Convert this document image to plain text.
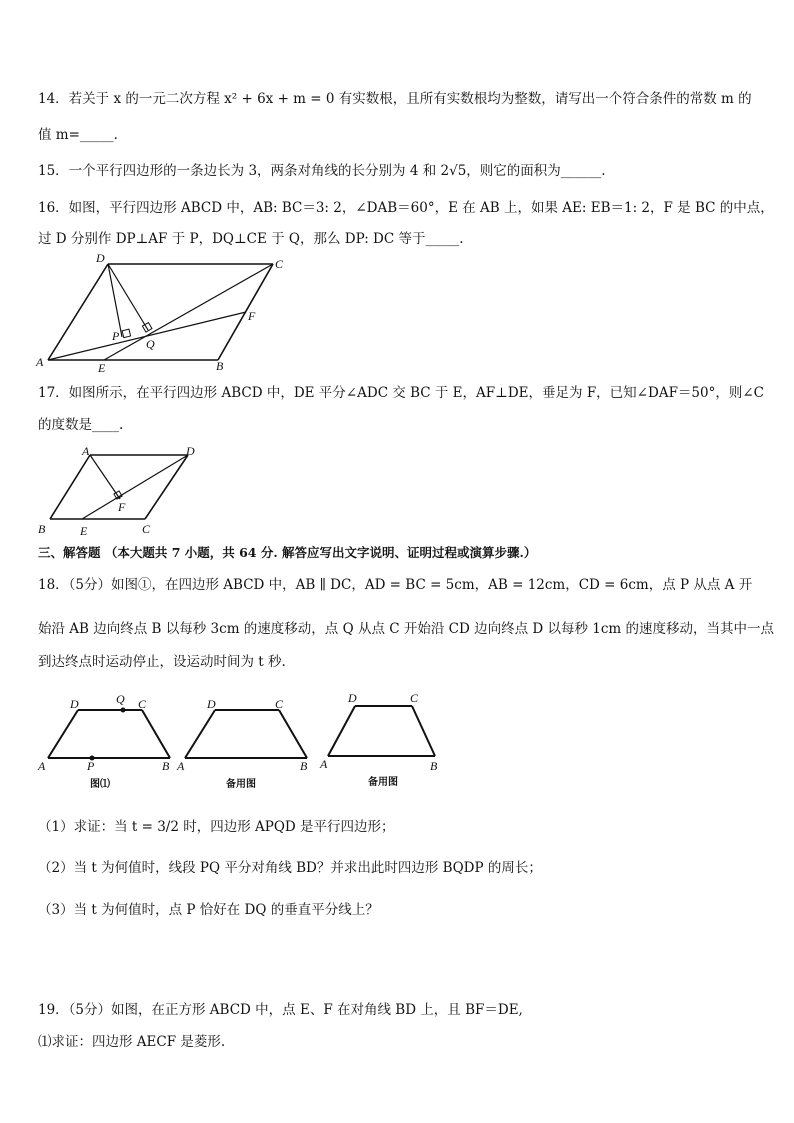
14．若关于 x 的一元二次方程 x² + 6x + m = 0 有实数根，且所有实数根均为整数，请写出一个符合条件的常数 m 的
值 m=_____.
15．一个平行四边形的一条边长为 3，两条对角线的长分别为 4 和 2√5，则它的面积为______.
16．如图，平行四边形 ABCD 中，AB: BC＝3: 2，∠DAB＝60°，E 在 AB 上，如果 AE: EB＝1: 2，F 是 BC 的中点，
过 D 分别作 DP⊥AF 于 P，DQ⊥CE 于 Q，那么 DP: DC 等于_____.
D	C
A	B
E
F
P
Q
17．如图所示，在平行四边形 ABCD 中，DE 平分∠ADC 交 BC 于 E，AF⊥DE，垂足为 F，已知∠DAF＝50°，则∠C
的度数是____.
A	D
B	E	C
F
三、解答题 （本大题共 7 小题，共 64 分. 解答应写出文字说明、证明过程或演算步骤.）
18．（5分）如图①，在四边形 ABCD 中，AB ∥ DC，AD = BC = 5cm，AB = 12cm，CD = 6cm，点 P 从点 A 开
始沿 AB 边向终点 B 以每秒 3cm 的速度移动，点 Q 从点 C 开始沿 CD 边向终点 D 以每秒 1cm 的速度移动，当其中一点
到达终点时运动停止，设运动时间为 t 秒.
D	Q C
A	P	B
图⑴
D	C
A	B
备用图
D	C
A	B
备用图
（1）求证：当 t = 3/2 时，四边形 APQD 是平行四边形；
（2）当 t 为何值时，线段 PQ 平分对角线 BD？并求出此时四边形 BQDP 的周长；
（3）当 t 为何值时，点 P 恰好在 DQ 的垂直平分线上？
19．（5分）如图，在正方形 ABCD 中，点 E、F 在对角线 BD 上，且 BF＝DE,
⑴求证：四边形 AECF 是菱形.
